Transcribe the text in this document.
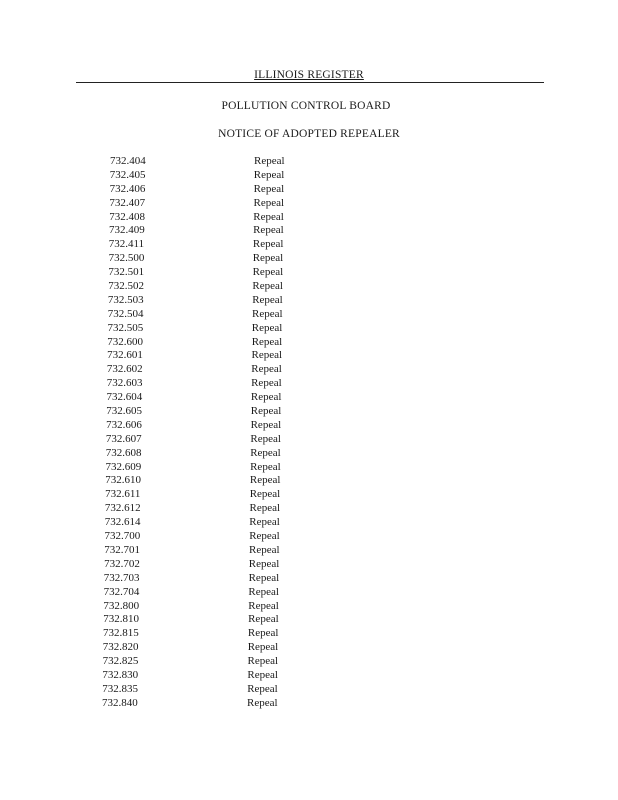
ILLINOIS REGISTER
POLLUTION CONTROL BOARD
NOTICE OF ADOPTED REPEALER
732.404	Repeal
732.405	Repeal
732.406	Repeal
732.407	Repeal
732.408	Repeal
732.409	Repeal
732.411	Repeal
732.500	Repeal
732.501	Repeal
732.502	Repeal
732.503	Repeal
732.504	Repeal
732.505	Repeal
732.600	Repeal
732.601	Repeal
732.602	Repeal
732.603	Repeal
732.604	Repeal
732.605	Repeal
732.606	Repeal
732.607	Repeal
732.608	Repeal
732.609	Repeal
732.610	Repeal
732.611	Repeal
732.612	Repeal
732.614	Repeal
732.700	Repeal
732.701	Repeal
732.702	Repeal
732.703	Repeal
732.704	Repeal
732.800	Repeal
732.810	Repeal
732.815	Repeal
732.820	Repeal
732.825	Repeal
732.830	Repeal
732.835	Repeal
732.840	Repeal
